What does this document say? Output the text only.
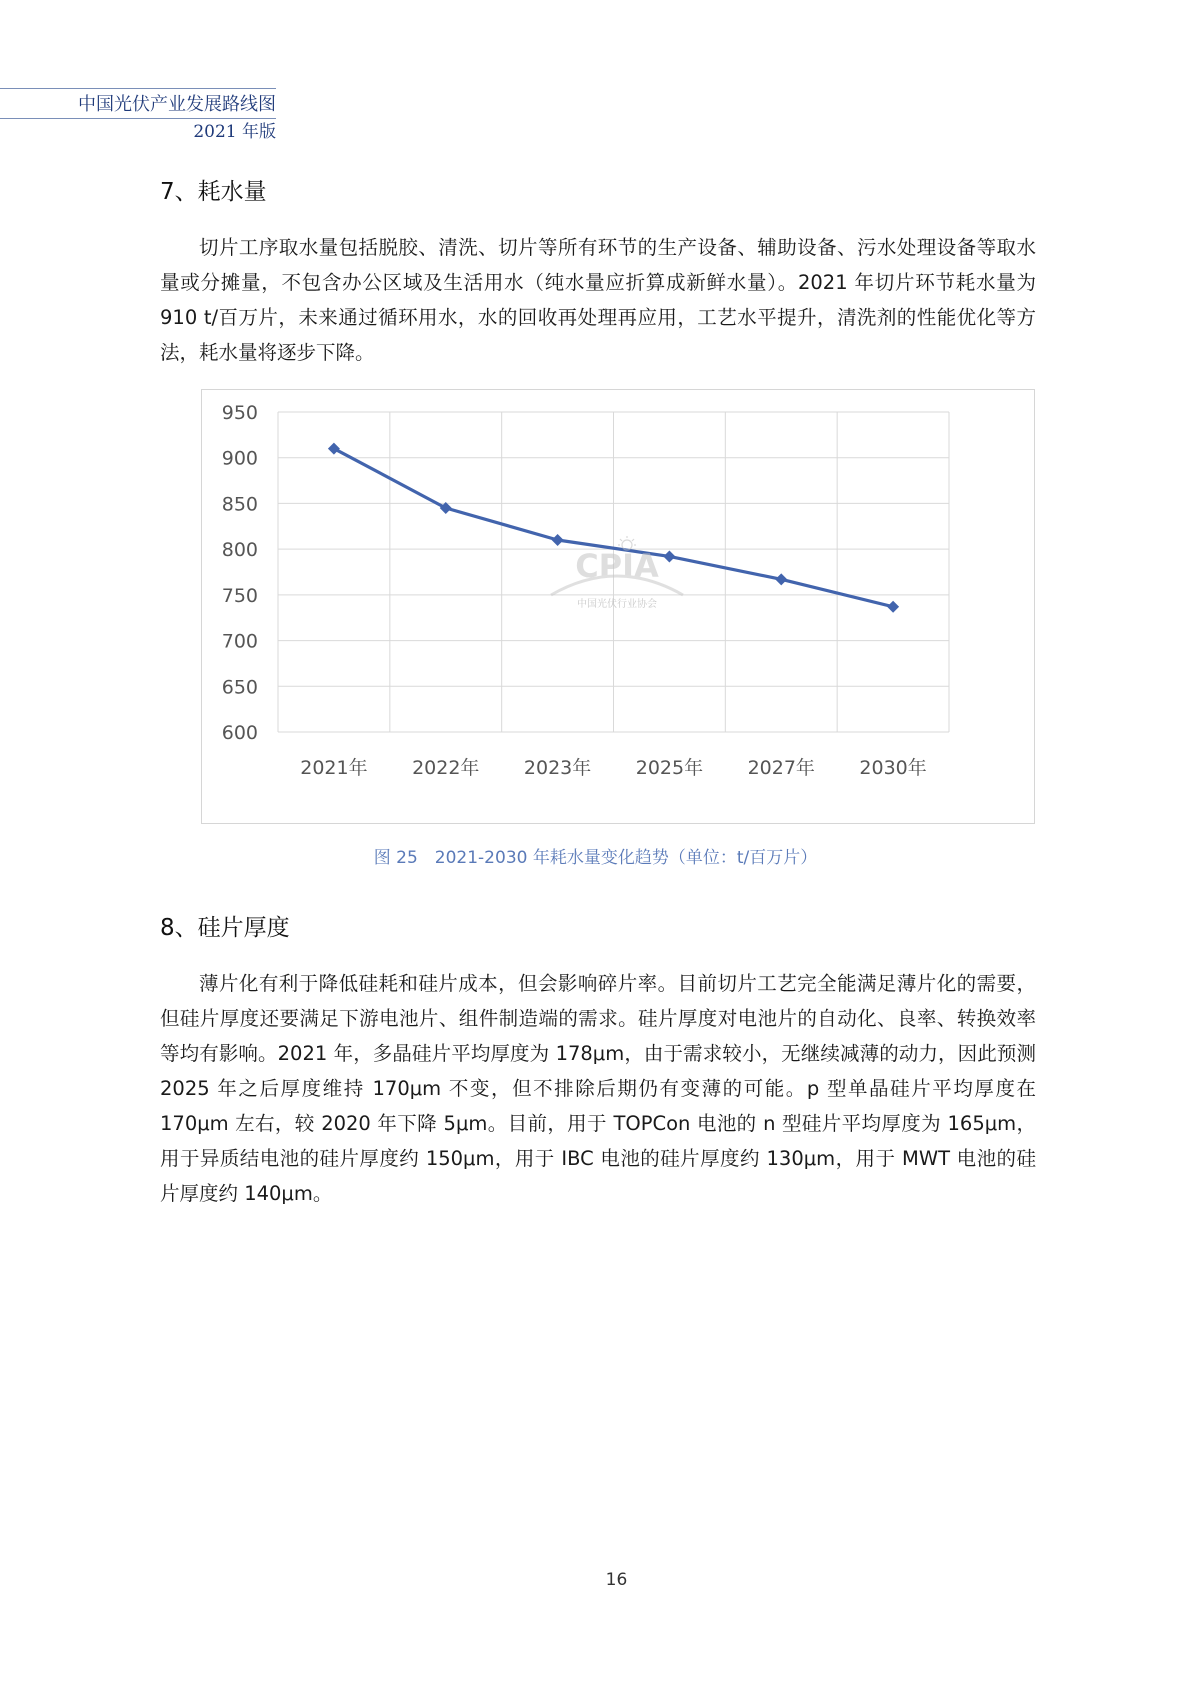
中国光伏产业发展路线图
2021 年版
7、耗水量

切片工序取水量包括脱胶、清洗、切片等所有环节的生产设备、辅助设备、污水处理设备等取水量或分摊量，不包含办公区域及生活用水（纯水量应折算成新鲜水量）。2021 年切片环节耗水量为 910 t/百万片，未来通过循环用水，水的回收再处理再应用，工艺水平提升，清洗剂的性能优化等方法，耗水量将逐步下降。

950
900
850
800
750
700
650
600
2021年 2022年 2023年 2025年 2027年 2030年
CPIA
中国光伏行业协会
图 25　2021-2030 年耗水量变化趋势（单位：t/百万片）
8、硅片厚度

薄片化有利于降低硅耗和硅片成本，但会影响碎片率。目前切片工艺完全能满足薄片化的需要，但硅片厚度还要满足下游电池片、组件制造端的需求。硅片厚度对电池片的自动化、良率、转换效率等均有影响。2021 年，多晶硅片平均厚度为 178μm，由于需求较小，无继续减薄的动力，因此预测 2025 年之后厚度维持 170μm 不变，但不排除后期仍有变薄的可能。p 型单晶硅片平均厚度在 170μm 左右，较 2020 年下降 5μm。目前，用于 TOPCon 电池的 n 型硅片平均厚度为 165μm，用于异质结电池的硅片厚度约 150μm，用于 IBC 电池的硅片厚度约 130μm，用于 MWT 电池的硅片厚度约 140μm。

16
